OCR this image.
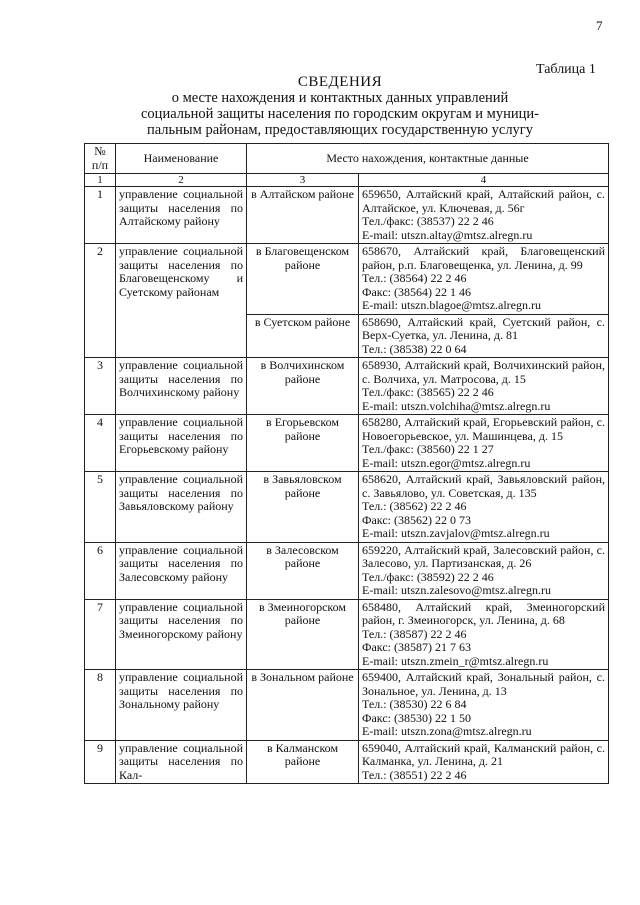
7
Таблица 1
СВЕДЕНИЯ
о месте нахождения и контактных данных управлений
социальной защиты населения по городским округам и муници-
пальным районам, предоставляющих государственную услугу
№ п/п	Наименование	Место нахождения, контактные данные	
1	2	3	4
1	управление социальной защиты населения по Алтайскому району	в Алтайском районе	659650, Алтайский край, Алтайский район, с. Алтайское, ул. Ключевая, д. 56г
Тел./факс: (38537) 22 2 46
E-mail: utszn.altay@mtsz.alregn.ru

2	управление социальной защиты населения по Благовещенскому и Суетскому районам	в Благовещенском районе	658670, Алтайский край, Благовещенский район, р.п. Благовещенка, ул. Ленина, д. 99
Тел.: (38564) 22 2 46
Факс: (38564) 22 1 46
E-mail: utszn.blagoe@mtsz.alregn.ru

		в Суетском районе	658690, Алтайский край, Суетский район, с. Верх-Суетка, ул. Ленина, д. 81
Тел.: (38538) 22 0 64

3	управление социальной защиты населения по Волчихинскому району	в Волчихинском районе	658930, Алтайский край, Волчихинский район, с. Волчиха, ул. Матросова, д. 15
Тел./факс: (38565) 22 2 46
E-mail: utszn.volchiha@mtsz.alregn.ru

4	управление социальной защиты населения по Егорьевскому району	в Егорьевском районе	658280, Алтайский край, Егорьевский район, с. Новоегорьевское, ул. Машинцева, д. 15
Тел./факс: (38560) 22 1 27
E-mail: utszn.egor@mtsz.alregn.ru

5	управление социальной защиты населения по Завьяловскому району	в Завьяловском районе	658620, Алтайский край, Завьяловский район, с. Завьялово, ул. Советская, д. 135
Тел.: (38562) 22 2 46
Факс: (38562) 22 0 73
E-mail: utszn.zavjalov@mtsz.alregn.ru

6	управление социальной защиты населения по Залесовскому району	в Залесовском районе	659220, Алтайский край, Залесовский район, с. Залесово, ул. Партизанская, д. 26
Тел./факс: (38592) 22 2 46
E-mail: utszn.zalesovo@mtsz.alregn.ru

7	управление социальной защиты населения по Змеиногорскому району	в Змеиногорском районе	658480, Алтайский край, Змеиногорский район, г. Змеиногорск, ул. Ленина, д. 68
Тел.: (38587) 22 2 46
Факс: (38587) 21 7 63
E-mail: utszn.zmein_r@mtsz.alregn.ru

8	управление социальной защиты населения по Зональному району	в Зональном районе	659400, Алтайский край, Зональный район, с. Зональное, ул. Ленина, д. 13
Тел.: (38530) 22 6 84
Факс: (38530) 22 1 50
E-mail: utszn.zona@mtsz.alregn.ru

9	управление социальной защиты населения по Кал-	в Калманском районе	659040, Алтайский край, Калманский район, с. Калманка, ул. Ленина, д. 21
Тел.: (38551) 22 2 46
